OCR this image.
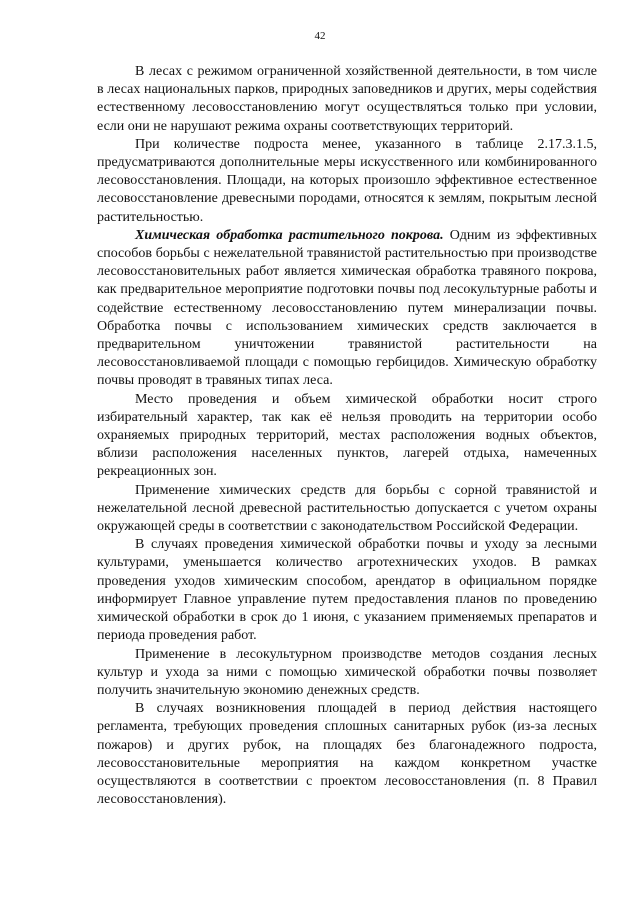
42

В лесах с режимом ограниченной хозяйственной деятельности, в том числе в лесах национальных парков, природных заповедников и других, меры содействия естественному лесовосстановлению могут осуществляться только при условии, если они не нарушают режима охраны соответствующих территорий.

При количестве подроста менее, указанного в таблице 2.17.3.1.5, предусматриваются дополнительные меры искусственного или комбинированного лесовосстановления. Площади, на которых произошло эффективное естественное лесовосстановление древесными породами, относятся к землям, покрытым лесной растительностью.

Химическая обработка растительного покрова. Одним из эффективных способов борьбы с нежелательной травянистой растительностью при производстве лесовосстановительных работ является химическая обработка травяного покрова, как предварительное мероприятие подготовки почвы под лесокультурные работы и содействие естественному лесовосстановлению путем минерализации почвы. Обработка почвы с использованием химических средств заключается в предварительном уничтожении травянистой растительности на лесовосстановливаемой площади с помощью гербицидов. Химическую обработку почвы проводят в травяных типах леса.

Место проведения и объем химической обработки носит строго избирательный характер, так как её нельзя проводить на территории особо охраняемых природных территорий, местах расположения водных объектов, вблизи расположения населенных пунктов, лагерей отдыха, намеченных рекреационных зон.

Применение химических средств для борьбы с сорной травянистой и нежелательной лесной древесной растительностью допускается с учетом охраны окружающей среды в соответствии с законодательством Российской Федерации.

В случаях проведения химической обработки почвы и уходу за лесными культурами, уменьшается количество агротехнических уходов. В рамках проведения уходов химическим способом, арендатор в официальном порядке информирует Главное управление путем предоставления планов по проведению химической обработки в срок до 1 июня, с указанием применяемых препаратов и периода проведения работ.

Применение в лесокультурном производстве методов создания лесных культур и ухода за ними с помощью химической обработки почвы позволяет получить значительную экономию денежных средств.

В случаях возникновения площадей в период действия настоящего регламента, требующих проведения сплошных санитарных рубок (из-за лесных пожаров) и других рубок, на площадях без благонадежного подроста, лесовосстановительные мероприятия на каждом конкретном участке осуществляются в соответствии с проектом лесовосстановления (п. 8 Правил лесовосстановления).
